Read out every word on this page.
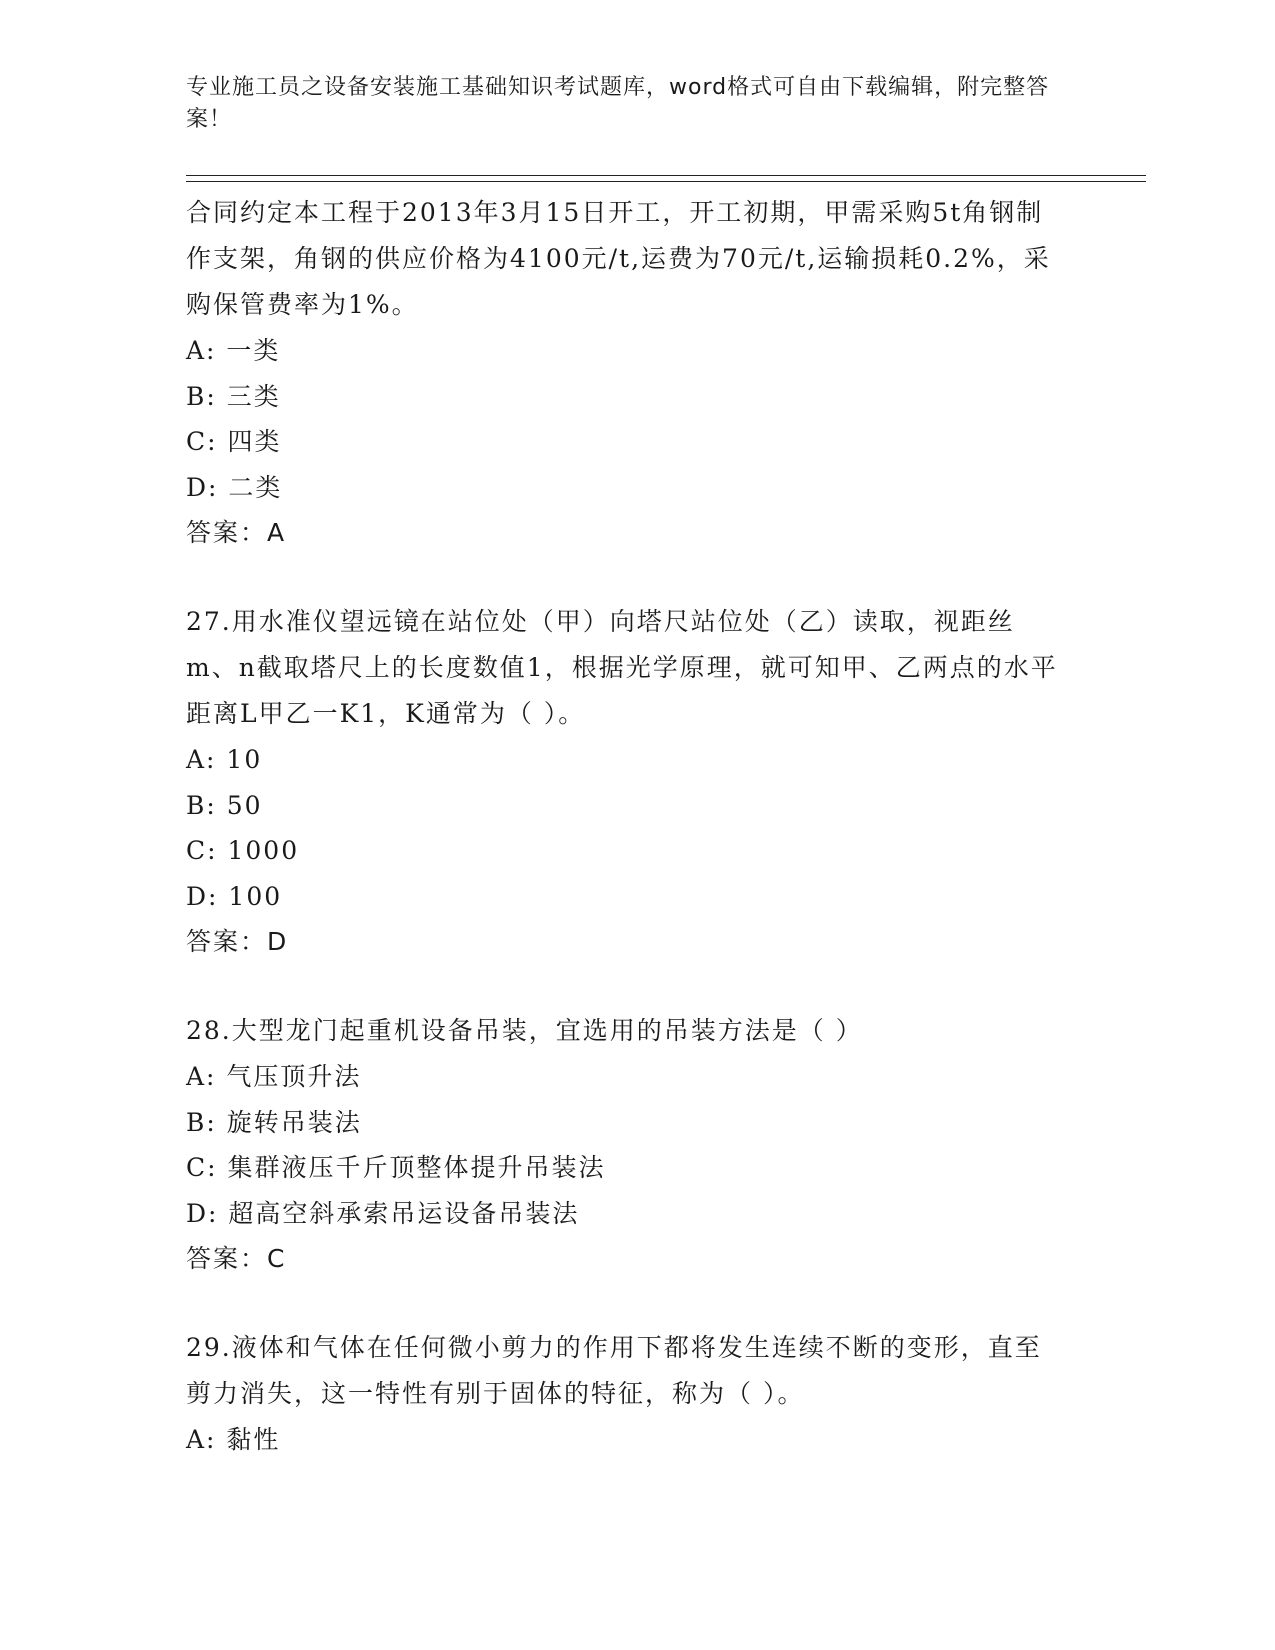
专业施工员之设备安装施工基础知识考试题库，word格式可自由下载编辑，附完整答案！
合同约定本工程于2013年3月15日开工，开工初期，甲需采购5t角钢制作支架，角钢的供应价格为4100元/t,运费为70元/t,运输损耗0.2%，采购保管费率为1%。
A: 一类
B: 三类
C: 四类
D: 二类
答案：A
27.用水准仪望远镜在站位处（甲）向塔尺站位处（乙）读取，视距丝m、n截取塔尺上的长度数值1，根据光学原理，就可知甲、乙两点的水平距离L甲乙一K1，K通常为（ ）。
A: 10
B: 50
C: 1000
D: 100
答案：D
28.大型龙门起重机设备吊装，宜选用的吊装方法是（ ）
A: 气压顶升法
B: 旋转吊装法
C: 集群液压千斤顶整体提升吊装法
D: 超高空斜承索吊运设备吊装法
答案：C
29.液体和气体在任何微小剪力的作用下都将发生连续不断的变形，直至剪力消失，这一特性有别于固体的特征，称为（ ）。
A: 黏性
